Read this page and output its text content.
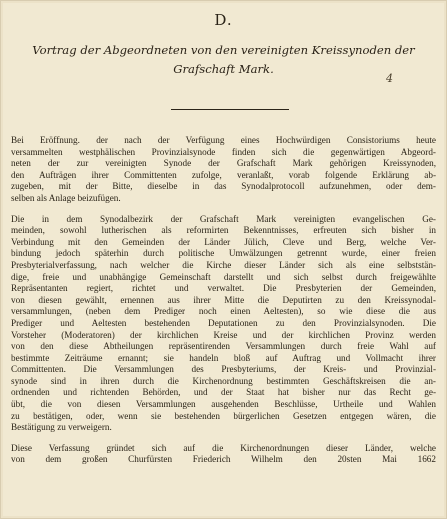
D.
Vortrag der Abgeordneten von den vereinigten Kreissynoden der
Grafschaft Mark.
4

Bei Eröffnung. der nach der Verfügung eines Hochwürdigen Consistoriums heute

versammelten westphälischen Provinzialsynode finden sich die gegenwärtigen Abgeord-

neten der zur vereinigten Synode der Grafschaft Mark gehörigen Kreissynoden,

den Aufträgen ihrer Committenten zufolge, veranlaßt, vorab folgende Erklärung ab-

zugeben, mit der Bitte, dieselbe in das Synodalprotocoll aufzunehmen, oder dem-

selben als Anlage beizufügen.

Die in dem Synodalbezirk der Grafschaft Mark vereinigten evangelischen Ge-

meinden, sowohl lutherischen als reformirten Bekenntnisses, erfreuten sich bisher in

Verbindung mit den Gemeinden der Länder Jülich, Cleve und Berg, welche Ver-

bindung jedoch späterhin durch politische Umwälzungen getrennt wurde, einer freien

Presbyterialverfassung, nach welcher die Kirche dieser Länder sich als eine selbststän-

dige, freie und unabhängige Gemeinschaft darstellt und sich selbst durch freigewählte

Repräsentanten regiert, richtet und verwaltet. Die Presbyterien der Gemeinden,

von diesen gewählt, ernennen aus ihrer Mitte die Deputirten zu den Kreissynodal-

versammlungen, (neben dem Prediger noch einen Aeltesten), so wie diese die aus

Prediger und Aeltesten bestehenden Deputationen zu den Provinzialsynoden. Die

Vorsteher (Moderatoren) der kirchlichen Kreise und der kirchlichen Provinz werden

von den diese Abtheilungen repräsentirenden Versammlungen durch freie Wahl auf

bestimmte Zeiträume ernannt; sie handeln bloß auf Auftrag und Vollmacht ihrer

Committenten. Die Versammlungen des Presbyteriums, der Kreis- und Provinzial-

synode sind in ihren durch die Kirchenordnung bestimmten Geschäftskreisen die an-

ordnenden und richtenden Behörden, und der Staat hat bisher nur das Recht ge-

übt, die von diesen Versammlungen ausgehenden Beschlüsse, Urtheile und Wahlen

zu bestätigen, oder, wenn sie bestehenden bürgerlichen Gesetzen entgegen wären, die

Bestätigung zu verweigern.

Diese Verfassung gründet sich auf die Kirchenordnungen dieser Länder, welche

von dem großen Churfürsten Friederich Wilhelm den 20sten Mai 1662
